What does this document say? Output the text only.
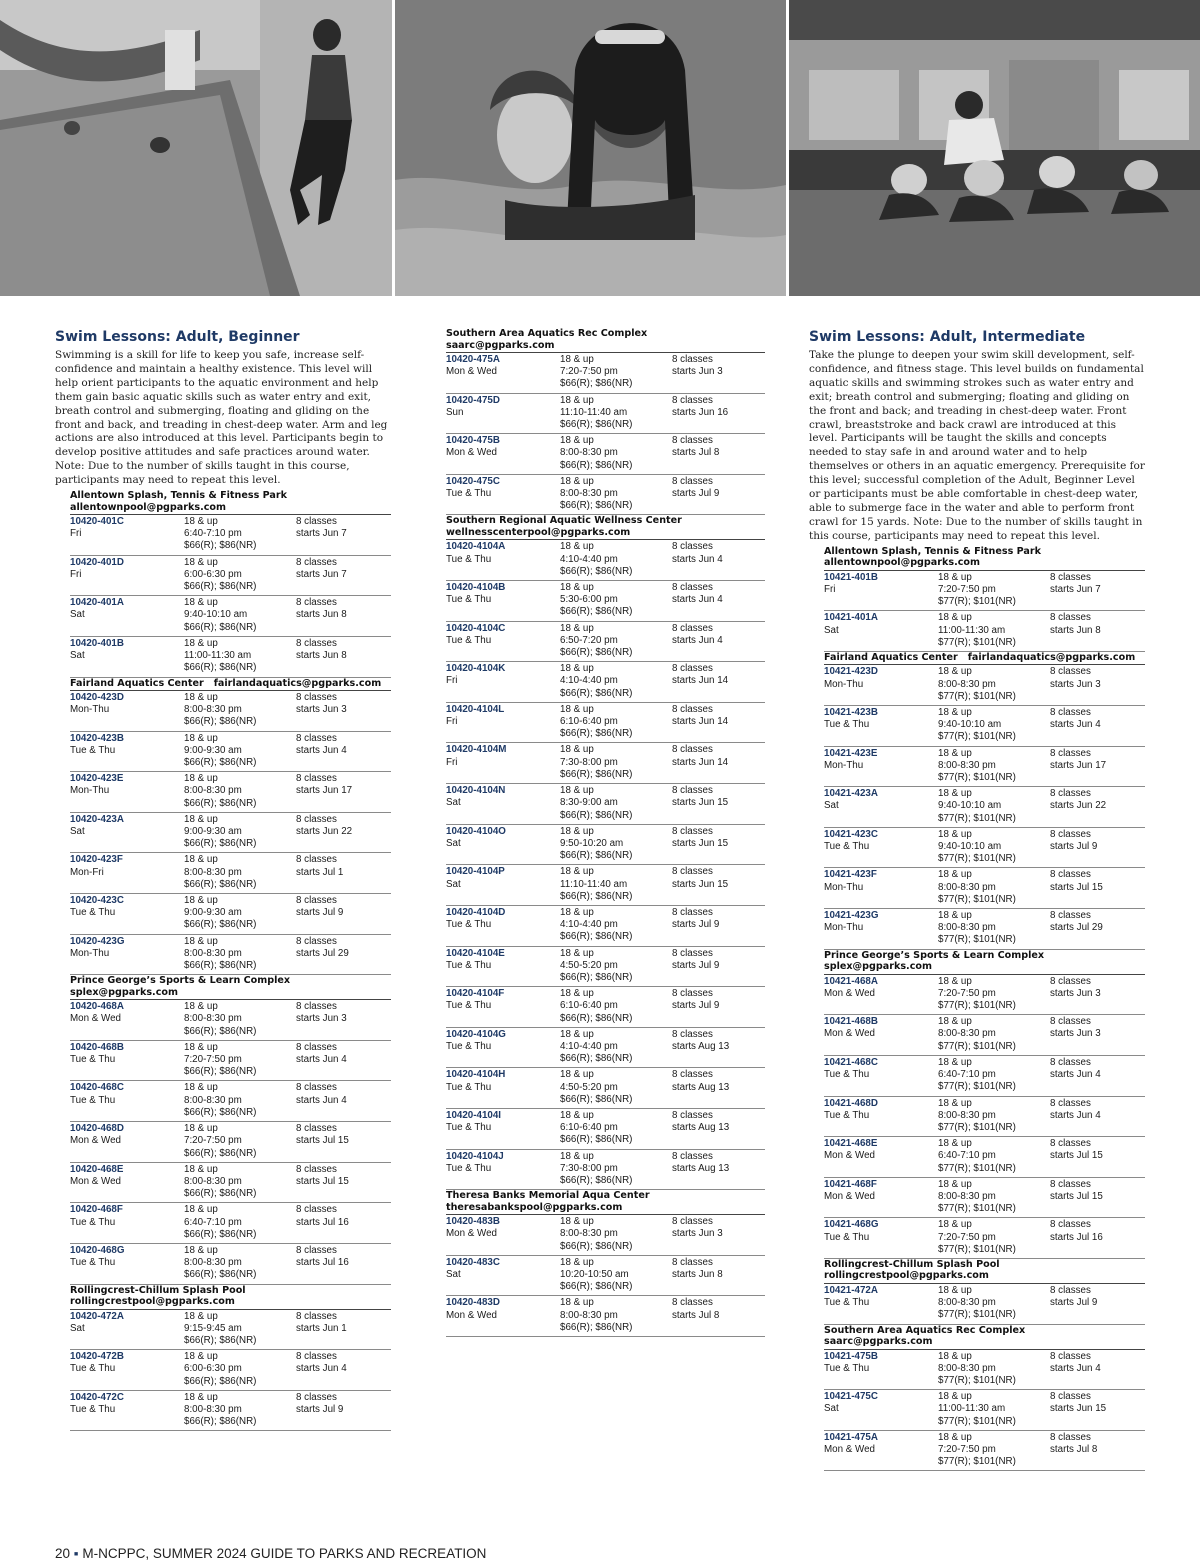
Swim Lessons: Adult, Beginner

Swimming is a skill for life to keep you safe, increase self-confidence and maintain a healthy existence. This level will help orient participants to the aquatic environment and help them gain basic aquatic skills such as water entry and exit, breath control and submerging, floating and gliding on the front and back, and treading in chest-deep water. Arm and leg actions are also introduced at this level. Participants begin to develop positive attitudes and safe practices around water. Note: Due to the number of skills taught in this course, participants may need to repeat this level.

Allentown Splash, Tennis & Fitness Park
allentownpool@pgparks.com
10420-401C
Fri
18 & up
6:40-7:10 pm
$66(R); $86(NR)
8 classes
starts Jun 7
10420-401D
Fri
18 & up
6:00-6:30 pm
$66(R); $86(NR)
8 classes
starts Jun 7
10420-401A
Sat
18 & up
9:40-10:10 am
$66(R); $86(NR)
8 classes
starts Jun 8
10420-401B
Sat
18 & up
11:00-11:30 am
$66(R); $86(NR)
8 classes
starts Jun 8
Fairland Aquatics Center fairlandaquatics@pgparks.com
10420-423D
Mon-Thu
18 & up
8:00-8:30 pm
$66(R); $86(NR)
8 classes
starts Jun 3
10420-423B
Tue & Thu
18 & up
9:00-9:30 am
$66(R); $86(NR)
8 classes
starts Jun 4
10420-423E
Mon-Thu
18 & up
8:00-8:30 pm
$66(R); $86(NR)
8 classes
starts Jun 17
10420-423A
Sat
18 & up
9:00-9:30 am
$66(R); $86(NR)
8 classes
starts Jun 22
10420-423F
Mon-Fri
18 & up
8:00-8:30 pm
$66(R); $86(NR)
8 classes
starts Jul 1
10420-423C
Tue & Thu
18 & up
9:00-9:30 am
$66(R); $86(NR)
8 classes
starts Jul 9
10420-423G
Mon-Thu
18 & up
8:00-8:30 pm
$66(R); $86(NR)
8 classes
starts Jul 29
Prince George’s Sports & Learn Complex
splex@pgparks.com
10420-468A
Mon & Wed
18 & up
8:00-8:30 pm
$66(R); $86(NR)
8 classes
starts Jun 3
10420-468B
Tue & Thu
18 & up
7:20-7:50 pm
$66(R); $86(NR)
8 classes
starts Jun 4
10420-468C
Tue & Thu
18 & up
8:00-8:30 pm
$66(R); $86(NR)
8 classes
starts Jun 4
10420-468D
Mon & Wed
18 & up
7:20-7:50 pm
$66(R); $86(NR)
8 classes
starts Jul 15
10420-468E
Mon & Wed
18 & up
8:00-8:30 pm
$66(R); $86(NR)
8 classes
starts Jul 15
10420-468F
Tue & Thu
18 & up
6:40-7:10 pm
$66(R); $86(NR)
8 classes
starts Jul 16
10420-468G
Tue & Thu
18 & up
8:00-8:30 pm
$66(R); $86(NR)
8 classes
starts Jul 16
Rollingcrest-Chillum Splash Pool
rollingcrestpool@pgparks.com
10420-472A
Sat
18 & up
9:15-9:45 am
$66(R); $86(NR)
8 classes
starts Jun 1
10420-472B
Tue & Thu
18 & up
6:00-6:30 pm
$66(R); $86(NR)
8 classes
starts Jun 4
10420-472C
Tue & Thu
18 & up
8:00-8:30 pm
$66(R); $86(NR)
8 classes
starts Jul 9
Southern Area Aquatics Rec Complex
saarc@pgparks.com
10420-475A
Mon & Wed
18 & up
7:20-7:50 pm
$66(R); $86(NR)
8 classes
starts Jun 3
10420-475D
Sun
18 & up
11:10-11:40 am
$66(R); $86(NR)
8 classes
starts Jun 16
10420-475B
Mon & Wed
18 & up
8:00-8:30 pm
$66(R); $86(NR)
8 classes
starts Jul 8
10420-475C
Tue & Thu
18 & up
8:00-8:30 pm
$66(R); $86(NR)
8 classes
starts Jul 9
Southern Regional Aquatic Wellness Center
wellnesscenterpool@pgparks.com
10420-4104A
Tue & Thu
18 & up
4:10-4:40 pm
$66(R); $86(NR)
8 classes
starts Jun 4
10420-4104B
Tue & Thu
18 & up
5:30-6:00 pm
$66(R); $86(NR)
8 classes
starts Jun 4
10420-4104C
Tue & Thu
18 & up
6:50-7:20 pm
$66(R); $86(NR)
8 classes
starts Jun 4
10420-4104K
Fri
18 & up
4:10-4:40 pm
$66(R); $86(NR)
8 classes
starts Jun 14
10420-4104L
Fri
18 & up
6:10-6:40 pm
$66(R); $86(NR)
8 classes
starts Jun 14
10420-4104M
Fri
18 & up
7:30-8:00 pm
$66(R); $86(NR)
8 classes
starts Jun 14
10420-4104N
Sat
18 & up
8:30-9:00 am
$66(R); $86(NR)
8 classes
starts Jun 15
10420-4104O
Sat
18 & up
9:50-10:20 am
$66(R); $86(NR)
8 classes
starts Jun 15
10420-4104P
Sat
18 & up
11:10-11:40 am
$66(R); $86(NR)
8 classes
starts Jun 15
10420-4104D
Tue & Thu
18 & up
4:10-4:40 pm
$66(R); $86(NR)
8 classes
starts Jul 9
10420-4104E
Tue & Thu
18 & up
4:50-5:20 pm
$66(R); $86(NR)
8 classes
starts Jul 9
10420-4104F
Tue & Thu
18 & up
6:10-6:40 pm
$66(R); $86(NR)
8 classes
starts Jul 9
10420-4104G
Tue & Thu
18 & up
4:10-4:40 pm
$66(R); $86(NR)
8 classes
starts Aug 13
10420-4104H
Tue & Thu
18 & up
4:50-5:20 pm
$66(R); $86(NR)
8 classes
starts Aug 13
10420-4104I
Tue & Thu
18 & up
6:10-6:40 pm
$66(R); $86(NR)
8 classes
starts Aug 13
10420-4104J
Tue & Thu
18 & up
7:30-8:00 pm
$66(R); $86(NR)
8 classes
starts Aug 13
Theresa Banks Memorial Aqua Center
theresabankspool@pgparks.com
10420-483B
Mon & Wed
18 & up
8:00-8:30 pm
$66(R); $86(NR)
8 classes
starts Jun 3
10420-483C
Sat
18 & up
10:20-10:50 am
$66(R); $86(NR)
8 classes
starts Jun 8
10420-483D
Mon & Wed
18 & up
8:00-8:30 pm
$66(R); $86(NR)
8 classes
starts Jul 8
Swim Lessons: Adult, Intermediate

Take the plunge to deepen your swim skill development, self-confidence, and fitness stage. This level builds on fundamental aquatic skills and swimming strokes such as water entry and exit; breath control and submerging; floating and gliding on the front and back; and treading in chest-deep water. Front crawl, breaststroke and back crawl are introduced at this level. Participants will be taught the skills and concepts needed to stay safe in and around water and to help themselves or others in an aquatic emergency. Prerequisite for this level; successful completion of the Adult, Beginner Level or participants must be able comfortable in chest-deep water, able to submerge face in the water and able to perform front crawl for 15 yards. Note: Due to the number of skills taught in this course, participants may need to repeat this level.

Allentown Splash, Tennis & Fitness Park
allentownpool@pgparks.com
10421-401B
Fri
18 & up
7:20-7:50 pm
$77(R); $101(NR)
8 classes
starts Jun 7
10421-401A
Sat
18 & up
11:00-11:30 am
$77(R); $101(NR)
8 classes
starts Jun 8
Fairland Aquatics Center fairlandaquatics@pgparks.com
10421-423D
Mon-Thu
18 & up
8:00-8:30 pm
$77(R); $101(NR)
8 classes
starts Jun 3
10421-423B
Tue & Thu
18 & up
9:40-10:10 am
$77(R); $101(NR)
8 classes
starts Jun 4
10421-423E
Mon-Thu
18 & up
8:00-8:30 pm
$77(R); $101(NR)
8 classes
starts Jun 17
10421-423A
Sat
18 & up
9:40-10:10 am
$77(R); $101(NR)
8 classes
starts Jun 22
10421-423C
Tue & Thu
18 & up
9:40-10:10 am
$77(R); $101(NR)
8 classes
starts Jul 9
10421-423F
Mon-Thu
18 & up
8:00-8:30 pm
$77(R); $101(NR)
8 classes
starts Jul 15
10421-423G
Mon-Thu
18 & up
8:00-8:30 pm
$77(R); $101(NR)
8 classes
starts Jul 29
Prince George’s Sports & Learn Complex
splex@pgparks.com
10421-468A
Mon & Wed
18 & up
7:20-7:50 pm
$77(R); $101(NR)
8 classes
starts Jun 3
10421-468B
Mon & Wed
18 & up
8:00-8:30 pm
$77(R); $101(NR)
8 classes
starts Jun 3
10421-468C
Tue & Thu
18 & up
6:40-7:10 pm
$77(R); $101(NR)
8 classes
starts Jun 4
10421-468D
Tue & Thu
18 & up
8:00-8:30 pm
$77(R); $101(NR)
8 classes
starts Jun 4
10421-468E
Mon & Wed
18 & up
6:40-7:10 pm
$77(R); $101(NR)
8 classes
starts Jul 15
10421-468F
Mon & Wed
18 & up
8:00-8:30 pm
$77(R); $101(NR)
8 classes
starts Jul 15
10421-468G
Tue & Thu
18 & up
7:20-7:50 pm
$77(R); $101(NR)
8 classes
starts Jul 16
Rollingcrest-Chillum Splash Pool
rollingcrestpool@pgparks.com
10421-472A
Tue & Thu
18 & up
8:00-8:30 pm
$77(R); $101(NR)
8 classes
starts Jul 9
Southern Area Aquatics Rec Complex
saarc@pgparks.com
10421-475B
Tue & Thu
18 & up
8:00-8:30 pm
$77(R); $101(NR)
8 classes
starts Jun 4
10421-475C
Sat
18 & up
11:00-11:30 am
$77(R); $101(NR)
8 classes
starts Jun 15
10421-475A
Mon & Wed
18 & up
7:20-7:50 pm
$77(R); $101(NR)
8 classes
starts Jul 8
20 ▪ M-NCPPC, SUMMER 2024 GUIDE TO PARKS AND RECREATION
